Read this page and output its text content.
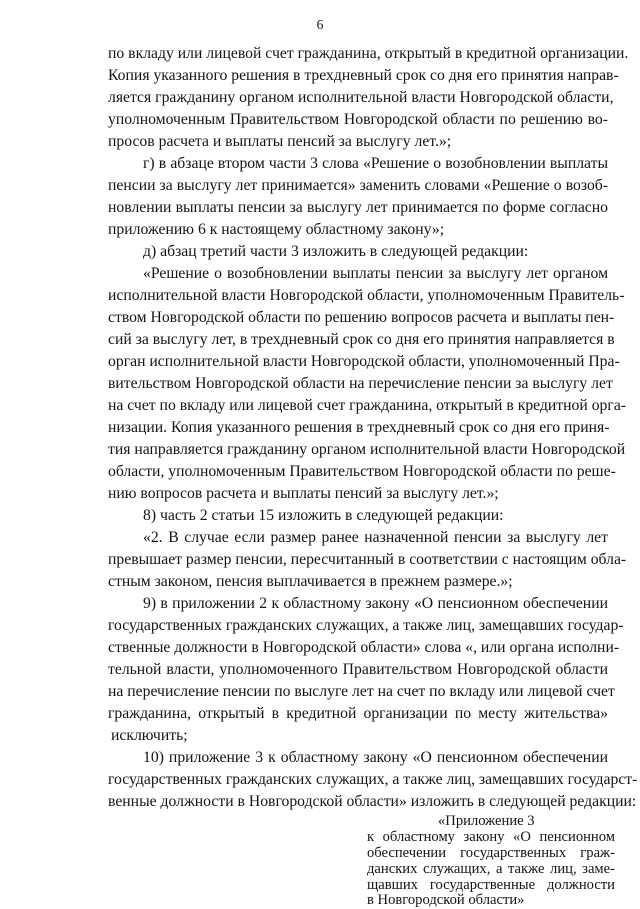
6
по вкладу или лицевой счет гражданина, открытый в кредитной организации.
Копия указанного решения в трехдневный срок со дня его принятия направ-
ляется гражданину органом исполнительной власти Новгородской области,
уполномоченным Правительством Новгородской области по решению во-
просов расчета и выплаты пенсий за выслугу лет.»;
г) в абзаце втором части 3 слова «Решение о возобновлении выплаты
пенсии за выслугу лет принимается» заменить словами «Решение о возоб-
новлении выплаты пенсии за выслугу лет принимается по форме согласно
приложению 6 к настоящему областному закону»;
д) абзац третий части 3 изложить в следующей редакции:
«Решение о возобновлении выплаты пенсии за выслугу лет органом
исполнительной власти Новгородской области, уполномоченным Правитель-
ством Новгородской области по решению вопросов расчета и выплаты пен-
сий за выслугу лет, в трехдневный срок со дня его принятия направляется в
орган исполнительной власти Новгородской области, уполномоченный Пра-
вительством Новгородской области на перечисление пенсии за выслугу лет
на счет по вкладу или лицевой счет гражданина, открытый в кредитной орга-
низации. Копия указанного решения в трехдневный срок со дня его приня-
тия направляется гражданину органом исполнительной власти Новгородской
области, уполномоченным Правительством Новгородской области по реше-
нию вопросов расчета и выплаты пенсий за выслугу лет.»;
8) часть 2 статьи 15 изложить в следующей редакции:
«2. В случае если размер ранее назначенной пенсии за выслугу лет
превышает размер пенсии, пересчитанный в соответствии с настоящим обла-
стным законом, пенсия выплачивается в прежнем размере.»;
9) в приложении 2 к областному закону «О пенсионном обеспечении
государственных гражданских служащих, а также лиц, замещавших государ-
ственные должности в Новгородской области» слова «, или органа исполни-
тельной власти, уполномоченного Правительством Новгородской области
на перечисление пенсии по выслуге лет на счет по вкладу или лицевой счет
гражданина, открытый в кредитной организации по месту жительства»
исключить;
10) приложение 3 к областному закону «О пенсионном обеспечении
государственных гражданских служащих, а также лиц, замещавших государст-
венные должности в Новгородской области» изложить в следующей редакции:
«Приложение 3
к областному закону «О пенсионном
обеспечении государственных граж-
данских служащих, а также лиц, заме-
щавших государственные должности
в Новгородской области»
